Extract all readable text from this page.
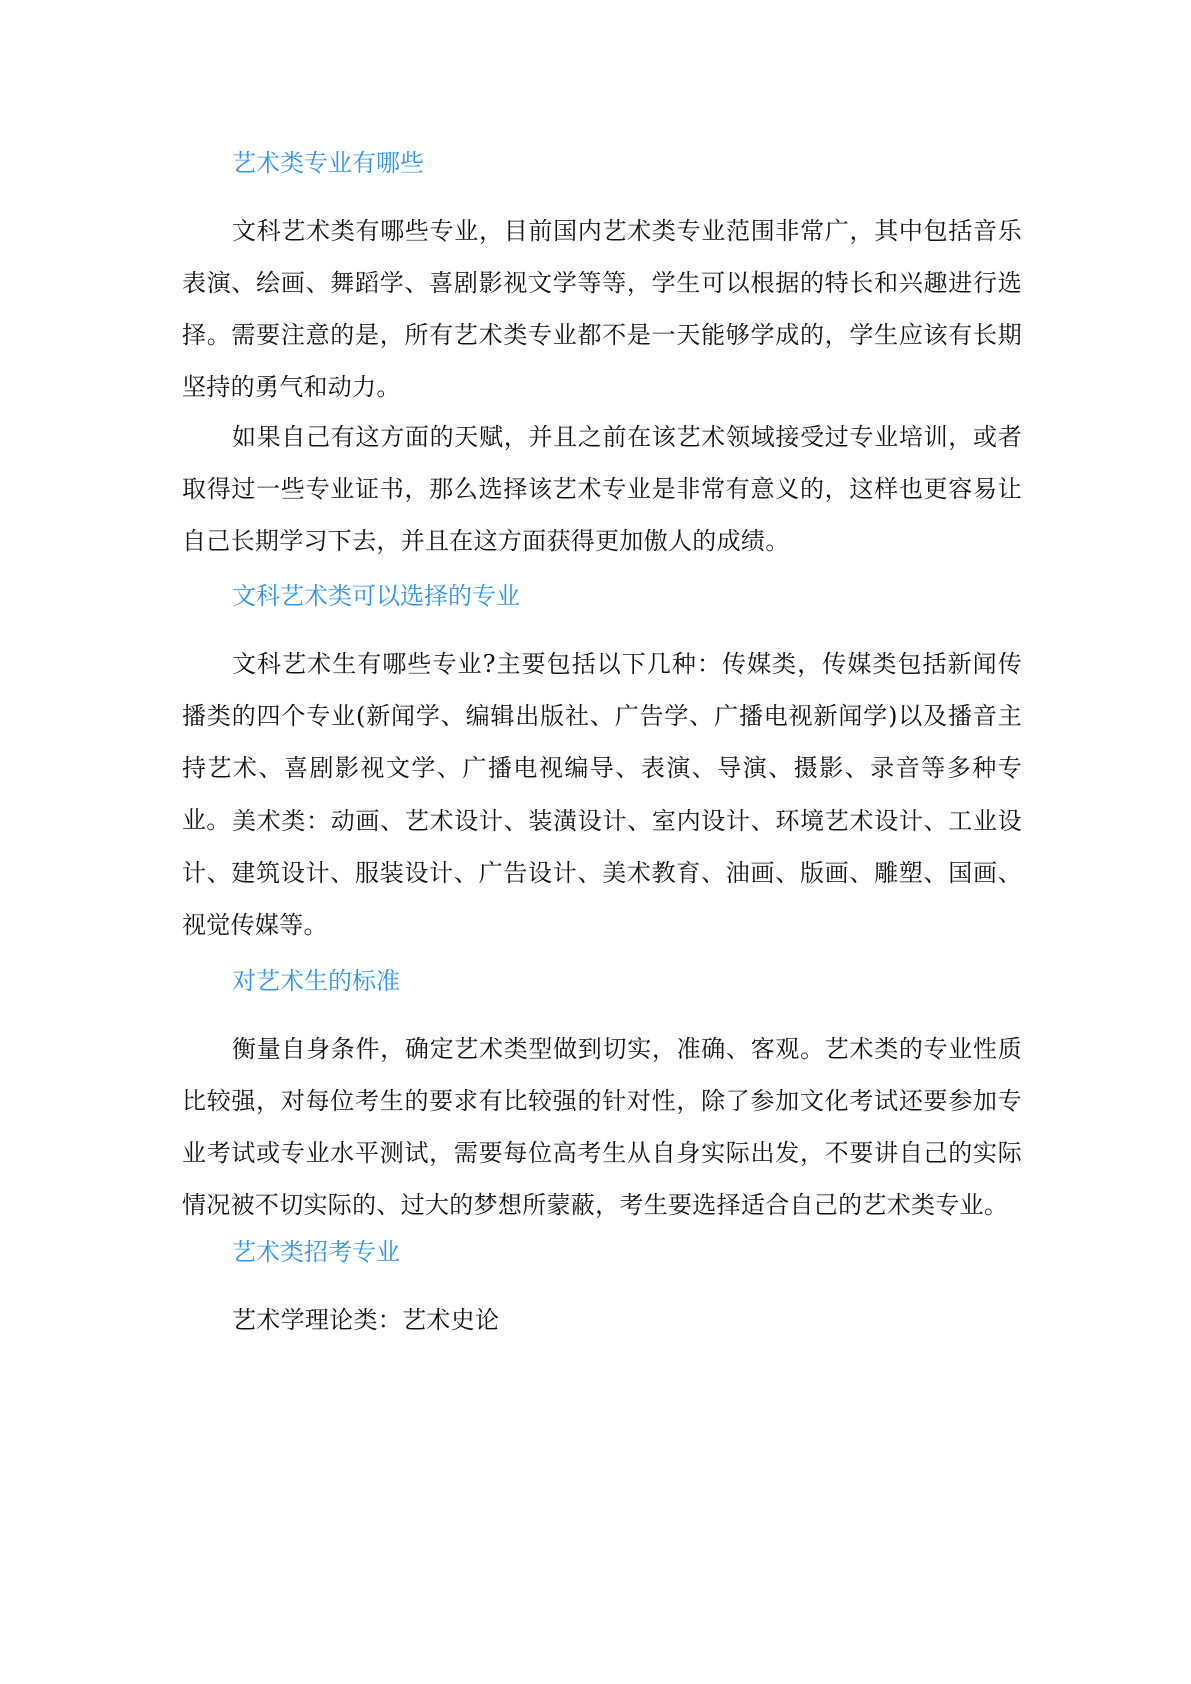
艺术类专业有哪些

文科艺术类有哪些专业，目前国内艺术类专业范围非常广，其中包括音乐表演、绘画、舞蹈学、喜剧影视文学等等，学生可以根据的特长和兴趣进行选择。需要注意的是，所有艺术类专业都不是一天能够学成的，学生应该有长期坚持的勇气和动力。

如果自己有这方面的天赋，并且之前在该艺术领域接受过专业培训，或者取得过一些专业证书，那么选择该艺术专业是非常有意义的，这样也更容易让自己长期学习下去，并且在这方面获得更加傲人的成绩。

文科艺术类可以选择的专业

文科艺术生有哪些专业?主要包括以下几种：传媒类，传媒类包括新闻传播类的四个专业(新闻学、编辑出版社、广告学、广播电视新闻学)以及播音主持艺术、喜剧影视文学、广播电视编导、表演、导演、摄影、录音等多种专业。 美术类：动画、艺术设计、装潢设计、室内设计、环境艺术设计、工业设计、建筑设计、服装设计、广告设计、美术教育、油画、版画、雕塑、国画、视觉传媒等。

对艺术生的标准

衡量自身条件，确定艺术类型做到切实，准确、客观。艺术类的专业性质比较强，对每位考生的要求有比较强的针对性，除了参加文化考试还要参加专业考试或专业水平测试，需要每位高考生从自身实际出发，不要讲自己的实际情况被不切实际的、过大的梦想所蒙蔽，考生要选择适合自己的艺术类专业。

艺术类招考专业

艺术学理论类：艺术史论
